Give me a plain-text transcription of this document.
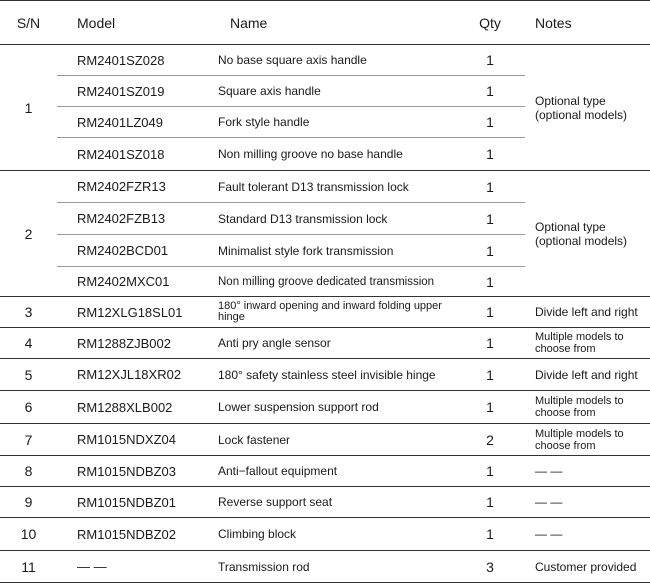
S/N	Model	Name	Qty	Notes
1	RM2401SZ028	No base square axis handle	1	Optional type
(optional models)
	RM2401SZ019	Square axis handle	1	
	RM2401LZ049	Fork style handle	1	
	RM2401SZ018	Non milling groove no base handle	1	
2	RM2402FZR13	Fault tolerant D13 transmission lock	1	Optional type
(optional models)
	RM2402FZB13	Standard D13 transmission lock	1	
	RM2402BCD01	Minimalist style fork transmission	1	
	RM2402MXC01	Non milling groove dedicated transmission	1	
3	RM12XLG18SL01	180° inward opening and inward folding upper hinge	1	Divide left and right
4	RM1288ZJB002	Anti pry angle sensor	1	Multiple models to choose from
5	RM12XJL18XR02	180° safety stainless steel invisible hinge	1	Divide left and right
6	RM1288XLB002	Lower suspension support rod	1	Multiple models to choose from
7	RM1015NDXZ04	Lock fastener	2	Multiple models to choose from
8	RM1015NDBZ03	Anti−fallout equipment	1	— —
9	RM1015NDBZ01	Reverse support seat	1	— —
10	RM1015NDBZ02	Climbing block	1	— —
11	— —	Transmission rod	3	Customer provided
